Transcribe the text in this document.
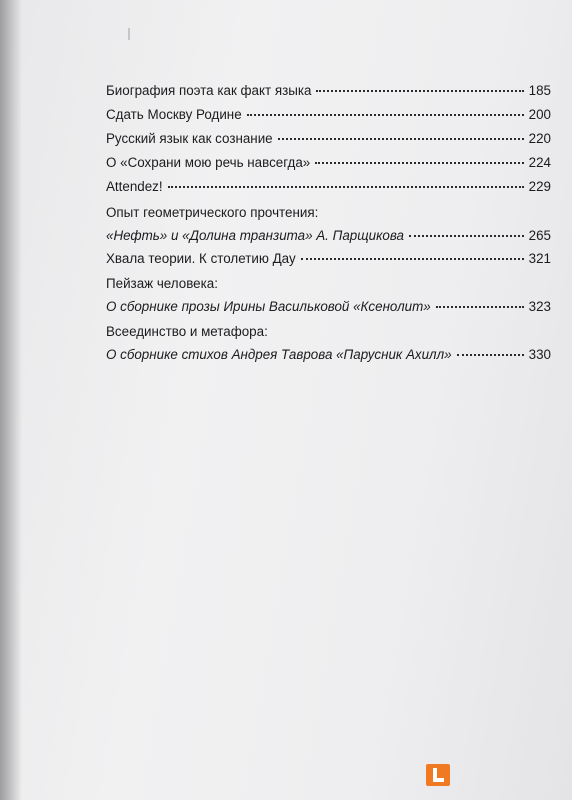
Биография поэта как факт языка	185
Сдать Москву Родине	200
Русский язык как сознание	220
О «Сохрани мою речь навсегда»	224
Attendez!	229
Опыт геометрического прочтения:
«Нефть» и «Долина транзита» А. Парщикова	265
Хвала теории. К столетию Дау	321
Пейзаж человека:
О сборнике прозы Ирины Васильковой «Ксенолит»	323
Всеединство и метафора:
О сборнике стихов Андрея Таврова «Парусник Ахилл»	330
